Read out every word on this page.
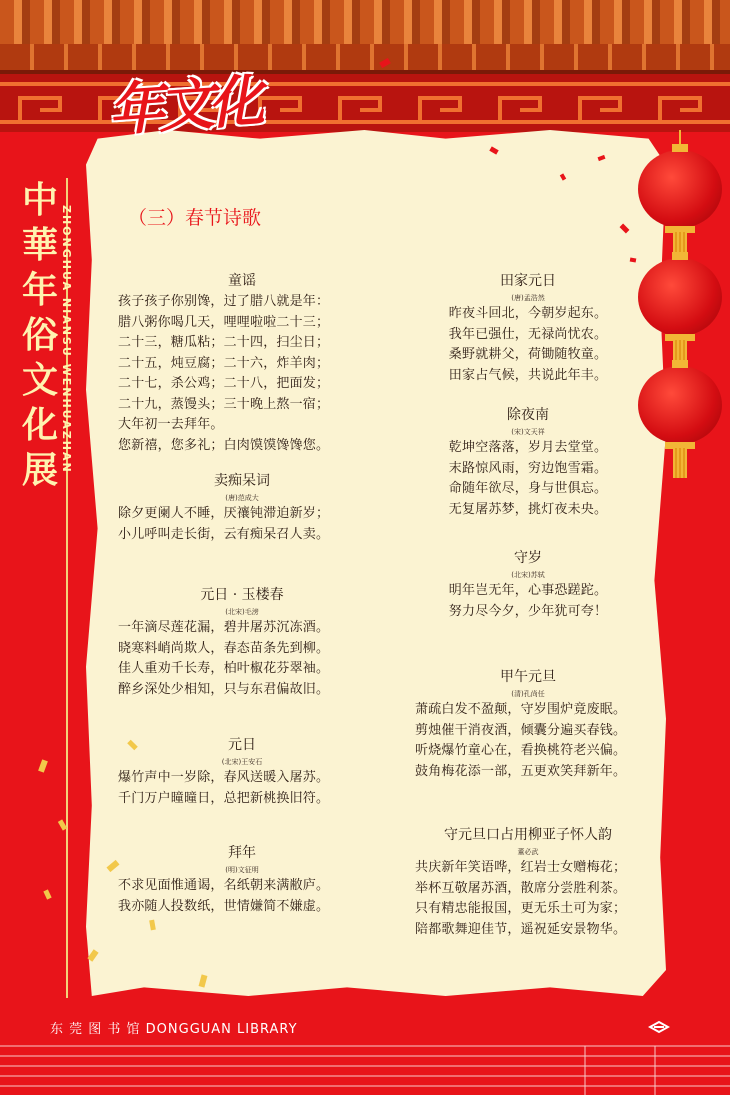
年文化
中華年俗文化展 ZHONGHUA NIANSU WENHUAZHAN	（三）春节诗歌
童谣
孩子孩子你别馋，过了腊八就是年：
腊八粥你喝几天，哩哩啦啦二十三；
二十三，糖瓜粘；二十四，扫尘日；
二十五，炖豆腐；二十六，炸羊肉；
二十七，杀公鸡；二十八，把面发；
二十九，蒸馒头；三十晚上熬一宿；
大年初一去拜年。
您新禧，您多礼；白肉馍馍馋馋您。
卖痴呆词
(唐)范成大
除夕更阑人不睡，厌禳钝滞迫新岁；
小儿呼叫走长街，云有痴呆召人卖。
元日 · 玉楼春
(北宋)毛滂
一年滴尽莲花漏，碧井屠苏沉冻酒。
晓寒料峭尚欺人，春态苗条先到柳。
佳人重劝千长寿，柏叶椒花芬翠袖。
醉乡深处少相知，只与东君偏故旧。
元日
(北宋)王安石
爆竹声中一岁除，春风送暖入屠苏。
千门万户曈曈日，总把新桃换旧符。
拜年
(明)文征明
不求见面惟通谒，名纸朝来满敝庐。
我亦随人投数纸，世情嫌简不嫌虚。
田家元日
(唐)孟浩然
昨夜斗回北，今朝岁起东。
我年已强仕，无禄尚忧农。
桑野就耕父，荷锄随牧童。
田家占气候，共说此年丰。
除夜南
(宋)文天祥
乾坤空落落，岁月去堂堂。
末路惊风雨，穷边饱雪霜。
命随年欲尽，身与世俱忘。
无复屠苏梦，挑灯夜未央。
守岁
(北宋)苏轼
明年岂无年，心事恐蹉跎。
努力尽今夕，少年犹可夸！
甲午元旦
(清)孔尚任
萧疏白发不盈颠，守岁围炉竟废眠。
剪烛催干消夜酒，倾囊分遍买春钱。
听烧爆竹童心在，看换桃符老兴偏。
鼓角梅花添一部，五更欢笑拜新年。
守元旦口占用柳亚子怀人韵
董必武
共庆新年笑语哗，红岩士女赠梅花；
举杯互敬屠苏酒，散席分尝胜利茶。
只有精忠能报国，更无乐土可为家；
陪都歌舞迎佳节，遥祝延安景物华。
东 莞 图 书 馆 DONGGUAN LIBRARY
